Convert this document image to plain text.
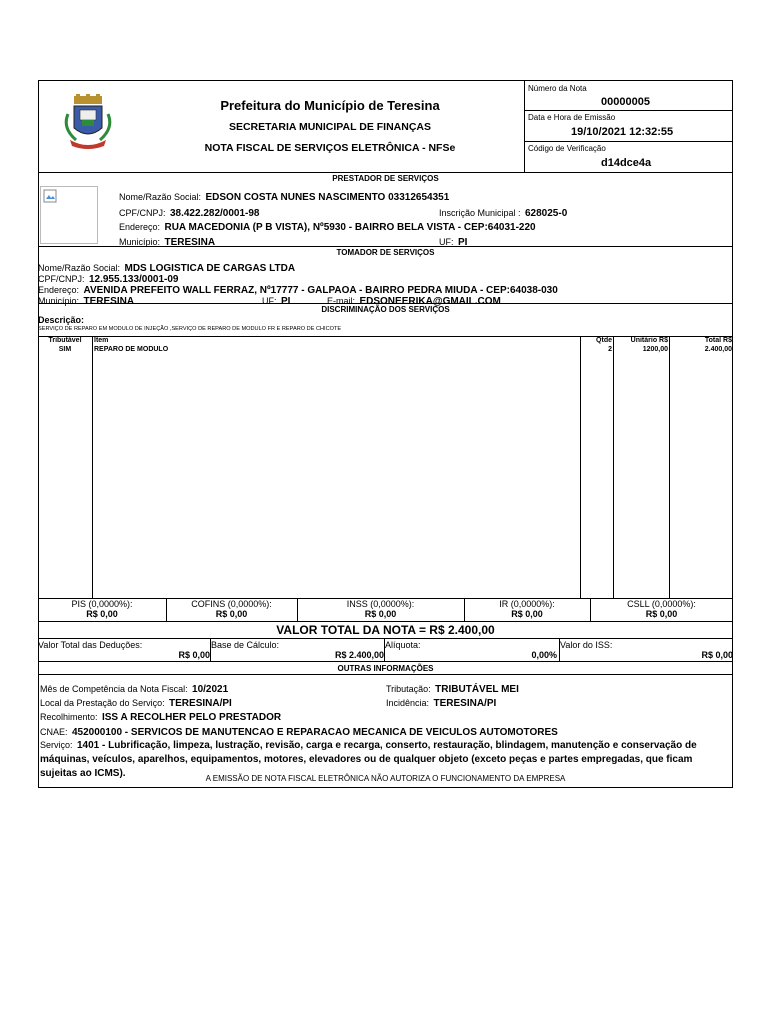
Prefeitura do Município de Teresina
SECRETARIA MUNICIPAL DE FINANÇAS
NOTA FISCAL DE SERVIÇOS ELETRÔNICA - NFSe
Número da Nota
00000005
Data e Hora de Emissão
19/10/2021 12:32:55
Código de Verificação
d14dce4a
PRESTADOR DE SERVIÇOS
Nome/Razão Social: EDSON COSTA NUNES NASCIMENTO 03312654351
CPF/CNPJ: 38.422.282/0001-98	Inscrição Municipal : 628025-0
Endereço: RUA MACEDONIA (P B VISTA), Nº5930 - BAIRRO BELA VISTA - CEP:64031-220
Município: TERESINA	UF: PI
TOMADOR DE SERVIÇOS
Nome/Razão Social: MDS LOGISTICA DE CARGAS LTDA
CPF/CNPJ: 12.955.133/0001-09
Endereço: AVENIDA PREFEITO WALL FERRAZ, Nº17777 - GALPAOA - BAIRRO PEDRA MIUDA - CEP:64038-030
Município: TERESINA	UF: PI	E-mail: EDSONEERIKA@GMAIL.COM
DISCRIMINAÇÃO DOS SERVIÇOS
Descrição:
SERVIÇO DE REPARO EM MODULO DE INJEÇÃO ,SERVIÇO DE REPARO DE MODULO FR E REPARO DE CHICOTE
Tributável	Item	Qtde	Unitário R$	Total R$
SIM	REPARO DE MODULO	2	1200,00	2.400,00
PIS (0,0000%):
R$ 0,00
COFINS (0,0000%):
R$ 0,00
INSS (0,0000%):
R$ 0,00
IR (0,0000%):
R$ 0,00
CSLL (0,0000%):
R$ 0,00
VALOR TOTAL DA NOTA = R$ 2.400,00
Valor Total das Deduções:
R$ 0,00
Base de Cálculo:
R$ 2.400,00
Alíquota:
0,00%
Valor do ISS:
R$ 0,00
OUTRAS INFORMAÇÕES
Mês de Competência da Nota Fiscal: 10/2021	Tributação: TRIBUTÁVEL MEI
Local da Prestação do Serviço: TERESINA/PI	Incidência: TERESINA/PI
Recolhimento: ISS A RECOLHER PELO PRESTADOR
CNAE: 452000100 - SERVICOS DE MANUTENCAO E REPARACAO MECANICA DE VEICULOS AUTOMOTORES
Serviço: 1401 - Lubrificação, limpeza, lustração, revisão, carga e recarga, conserto, restauração, blindagem, manutenção e conservação de máquinas, veículos, aparelhos, equipamentos, motores, elevadores ou de qualquer objeto (exceto peças e partes empregadas, que ficam sujeitas ao ICMS).	A EMISSÃO DE NOTA FISCAL ELETRÔNICA NÃO AUTORIZA O FUNCIONAMENTO DA EMPRESA
